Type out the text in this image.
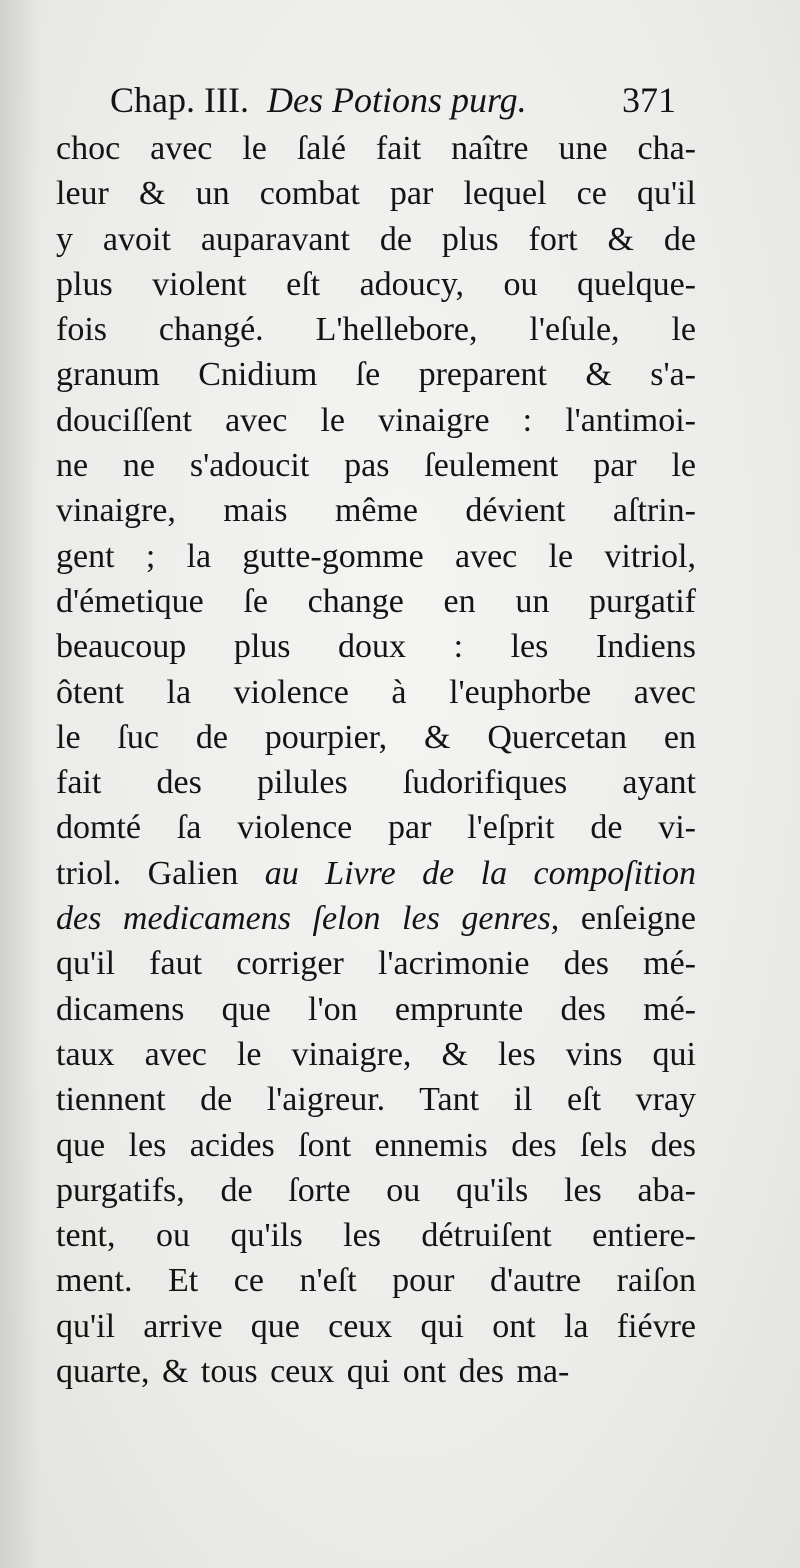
Chap. III. Des Potions purg.	371
choc avec le ſalé fait naître une cha-
leur & un combat par lequel ce qu'il
y avoit auparavant de plus fort & de
plus violent eſt adoucy, ou quelque-
fois changé. L'hellebore, l'eſule, le
granum Cnidium ſe preparent & s'a-
douciſſent avec le vinaigre : l'antimoi-
ne ne s'adoucit pas ſeulement par le
vinaigre, mais même dévient aſtrin-
gent ; la gutte-gomme avec le vitriol,
d'émetique ſe change en un purgatif
beaucoup plus doux : les Indiens
ôtent la violence à l'euphorbe avec
le ſuc de pourpier, & Quercetan en
fait des pilules ſudorifiques ayant
domté ſa violence par l'eſprit de vi-
triol. Galien au Livre de la compoſition
des medicamens ſelon les genres, enſeigne
qu'il faut corriger l'acrimonie des mé-
dicamens que l'on emprunte des mé-
taux avec le vinaigre, & les vins qui
tiennent de l'aigreur. Tant il eſt vray
que les acides ſont ennemis des ſels des
purgatifs, de ſorte ou qu'ils les aba-
tent, ou qu'ils les détruiſent entiere-
ment. Et ce n'eſt pour d'autre raiſon
qu'il arrive que ceux qui ont la fiévre
quarte, & tous ceux qui ont des ma-
